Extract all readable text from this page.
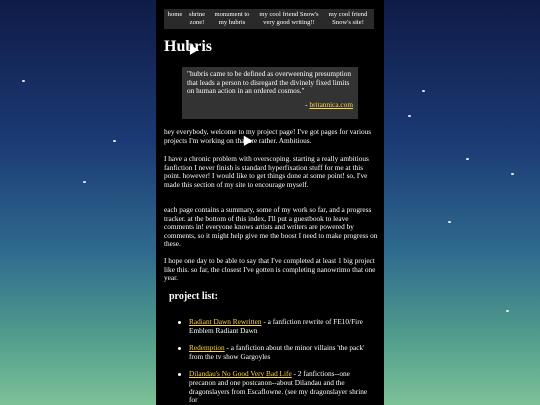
home shrine zone!
monument to my hubris
my cool friend Snow's very good writing!!
my cool friend Snow's site!
Hubris

"hubris came to be defined as overweening presumption that leads a person to disregard the divinely fixed limits on human action in an ordered cosmos."

- britannica.com

hey everybody, welcome to my project page! I've got pages for various projects I'm working on that are rather. Ambitious.

I have a chronic problem with overscoping. starting a really ambitious fanfiction I never finish is standard hyperfixation stuff for me at this point. however! I would like to get things done at some point! so, I've made this section of my site to encourage myself.

each page contains a summary, some of my work so far, and a progress tracker. at the bottom of this index, I'll put a guestbook to leave comments in! everyone knows artists and writers are powered by comments, so it might help give me the boost I need to make progress on these.

I hope one day to be able to say that I've completed at least 1 big project like this. so far, the closest I've gotten is completing nanowrimo that one year.

project list:
Radiant Dawn Rewritten - a fanfiction rewrite of FE10/Fire Emblem Radiant Dawn
Redemption - a fanfiction about the minor villains 'the pack' from the tv show Gargoyles
Dilandau's No Good Very Bad Life - 2 fanfictions--one precanon and one postcanon--about Dilandau and the dragonslayers from Escaflowne. (see my dragonslayer shrine for
